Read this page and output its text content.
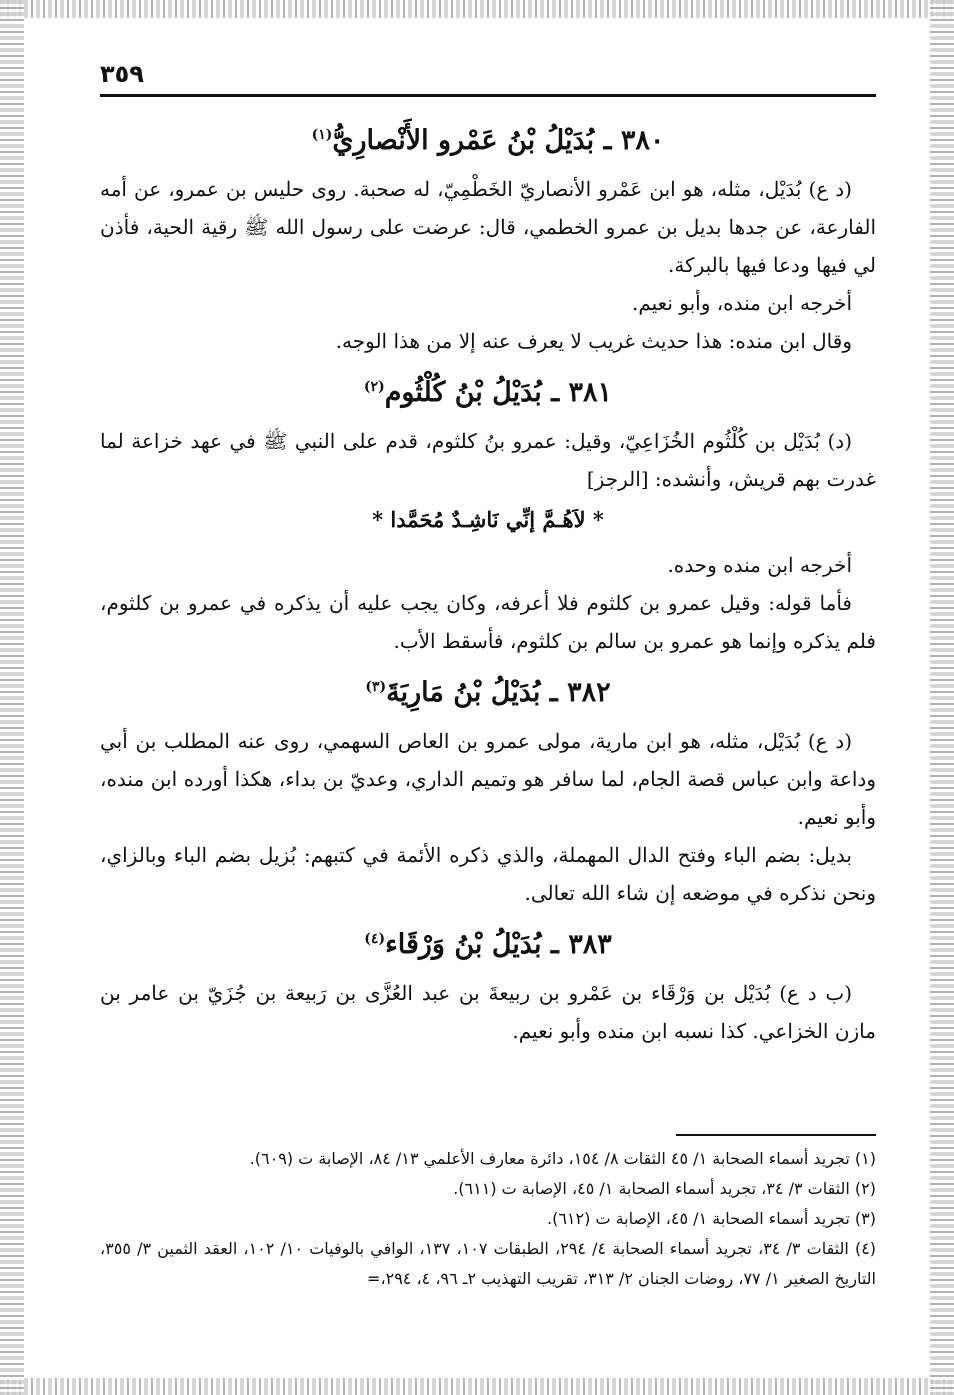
٣٥٩
٣٨٠ ـ بُدَيْلُ بْنُ عَمْرو الأَنْصارِيُّ$^{(١)}$

(د ع) بُدَيْل، مثله، هو ابن عَمْرو الأنصاريّ الخَطْمِيّ، له صحبة. روى حليس بن عمرو، عن أمه الفارعة، عن جدها بديل بن عمرو الخطمي، قال: عرضت على رسول الله ﷺ رقية الحية، فأذن لي فيها ودعا فيها بالبركة.

أخرجه ابن منده، وأبو نعيم.

وقال ابن منده: هذا حديث غريب لا يعرف عنه إلا من هذا الوجه.

٣٨١ ـ بُدَيْلُ بْنُ كُلْثُوم$^{(٢)}$

(د) بُدَيْل بن كُلْثُوم الخُزَاعِيّ، وقيل: عمرو بنُ كلثوم، قدم على النبي ﷺ في عهد خزاعة لما غدرت بهم قريش، وأنشده: [الرجز]

* لاَهُـمَّ إنِّي نَاشِـدٌ مُحَمَّدا *

أخرجه ابن منده وحده.

فأما قوله: وقيل عمرو بن كلثوم فلا أعرفه، وكان يجب عليه أن يذكره في عمرو بن كلثوم، فلم يذكره وإنما هو عمرو بن سالم بن كلثوم، فأسقط الأب.

٣٨٢ ـ بُدَيْلُ بْنُ مَارِيَةَ$^{(٣)}$

(د ع) بُدَيْل، مثله، هو ابن مارية، مولى عمرو بن العاص السهمي، روى عنه المطلب بن أبي وداعة وابن عباس قصة الجام، لما سافر هو وتميم الداري، وعديّ بن بداء، هكذا أورده ابن منده، وأبو نعيم.

بديل: بضم الباء وفتح الدال المهملة، والذي ذكره الأئمة في كتبهم: بُزيل بضم الباء وبالزاي، ونحن نذكره في موضعه إن شاء الله تعالى.

٣٨٣ ـ بُدَيْلُ بْنُ وَرْقَاء$^{(٤)}$

(ب د ع) بُدَيْل بن وَرْقَاء بن عَمْرو بن ربيعةَ بن عبد العُزَّى بن رَبيعة بن جُزَيّ بن عامر بن مازن الخزاعي. كذا نسبه ابن منده وأبو نعيم.

(١) تجريد أسماء الصحابة ١/ ٤٥ الثقات ٨/ ١٥٤، دائرة معارف الأعلمي ١٣/ ٨٤، الإصابة ت (٦٠٩).

(٢) الثقات ٣/ ٣٤، تجريد أسماء الصحابة ١/ ٤٥، الإصابة ت (٦١١).

(٣) تجريد أسماء الصحابة ١/ ٤٥، الإصابة ت (٦١٢).

(٤) الثقات ٣/ ٣٤، تجريد أسماء الصحابة ٤/ ٢٩٤، الطبقات ١٠٧، ١٣٧، الوافي بالوفيات ١٠/ ١٠٢، العقد الثمين ٣/ ٣٥٥، التاريخ الصغير ١/ ٧٧، روضات الجنان ٢/ ٣١٣، تقريب التهذيب ٢ـ ٩٦، ٤، ٢٩٤،=
